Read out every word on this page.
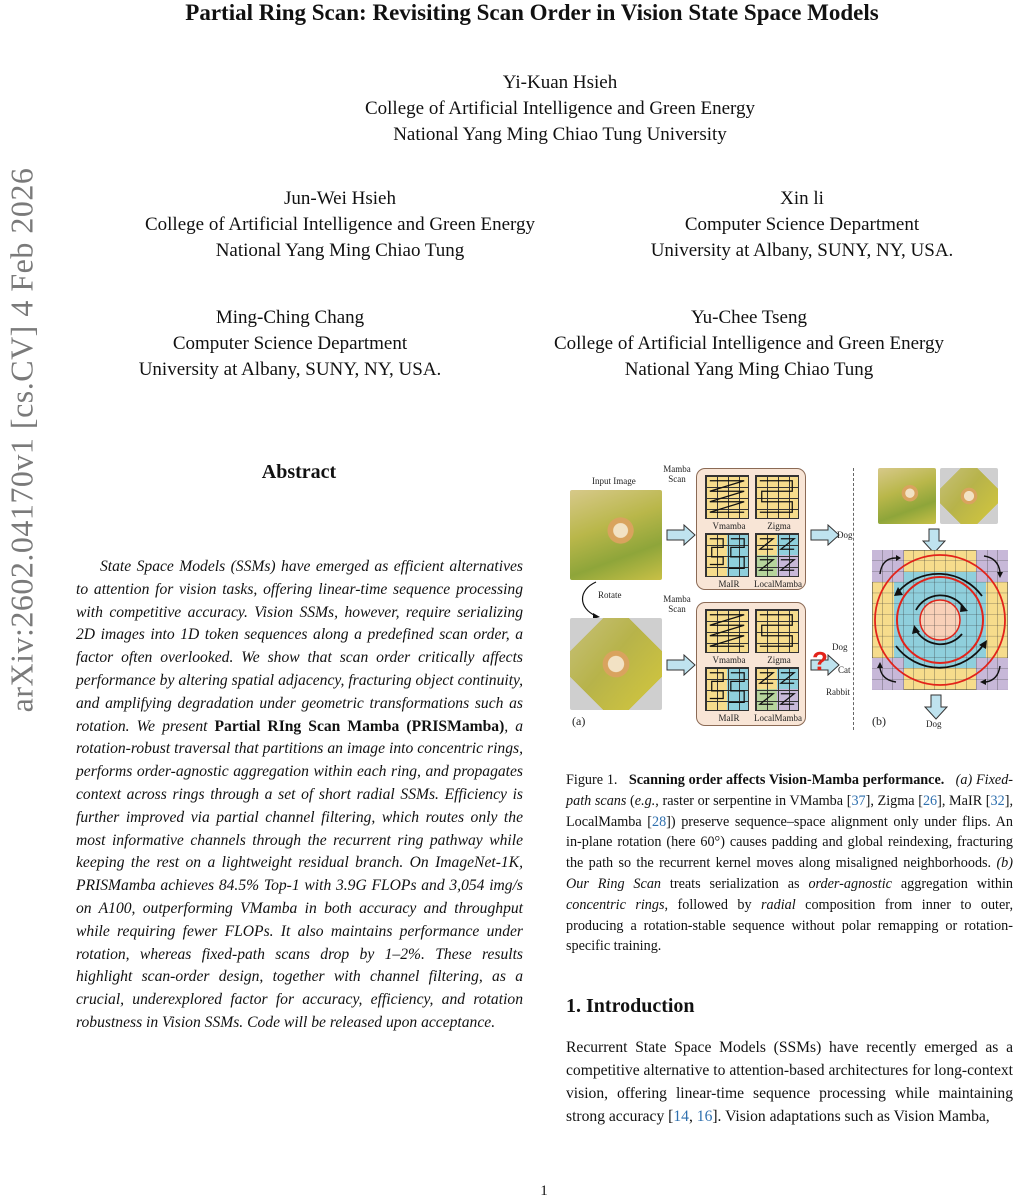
Partial Ring Scan: Revisiting Scan Order in Vision State Space Models
arXiv:2602.04170v1 [cs.CV] 4 Feb 2026
Yi-Kuan Hsieh
College of Artificial Intelligence and Green Energy
National Yang Ming Chiao Tung University
Jun-Wei Hsieh
College of Artificial Intelligence and Green Energy
National Yang Ming Chiao Tung
Xin li
Computer Science Department
University at Albany, SUNY, NY, USA.
Ming-Ching Chang
Computer Science Department
University at Albany, SUNY, NY, USA.
Yu-Chee Tseng
College of Artificial Intelligence and Green Energy
National Yang Ming Chiao Tung
Abstract
State Space Models (SSMs) have emerged as efficient alternatives to attention for vision tasks, offering linear-time sequence processing with competitive accuracy. Vision SSMs, however, require serializing 2D images into 1D token sequences along a predefined scan order, a factor often overlooked. We show that scan order critically affects performance by altering spatial adjacency, fracturing object continuity, and amplifying degradation under geometric transformations such as rotation. We present Partial RIng Scan Mamba (PRISMamba), a rotation-robust traversal that partitions an image into concentric rings, performs order-agnostic aggregation within each ring, and propagates context across rings through a set of short radial SSMs. Efficiency is further improved via partial channel filtering, which routes only the most informative channels through the recurrent ring pathway while keeping the rest on a lightweight residual branch. On ImageNet-1K, PRISMamba achieves 84.5% Top-1 with 3.9G FLOPs and 3,054 img/s on A100, outperforming VMamba in both accuracy and throughput while requiring fewer FLOPs. It also maintains performance under rotation, whereas fixed-path scans drop by 1–2%. These results highlight scan-order design, together with channel filtering, as a crucial, underexplored factor for accuracy, efficiency, and rotation robustness in Vision SSMs. Code will be released upon acceptance.
Input Image
Mamba Scan
Vmamba	Zigma
MaIR	LocalMamba
Dog
Rotate
(a)
Mamba Scan
Vmamba	Zigma
MaIR	LocalMamba
? Dog
Cat
Rabbit
(b)	Dog
Figure 1. Scanning order affects Vision-Mamba performance. (a) Fixed-path scans (e.g., raster or serpentine in VMamba [37], Zigma [26], MaIR [32], LocalMamba [28]) preserve sequence–space alignment only under flips. An in-plane rotation (here 60°) causes padding and global reindexing, fracturing the path so the recurrent kernel moves along misaligned neighborhoods. (b) Our Ring Scan treats serialization as order-agnostic aggregation within concentric rings, followed by radial composition from inner to outer, producing a rotation-stable sequence without polar remapping or rotation-specific training.
1. Introduction
Recurrent State Space Models (SSMs) have recently emerged as a competitive alternative to attention-based architectures for long-context vision, offering linear-time sequence processing while maintaining strong accuracy [14, 16]. Vision adaptations such as Vision Mamba,
1
